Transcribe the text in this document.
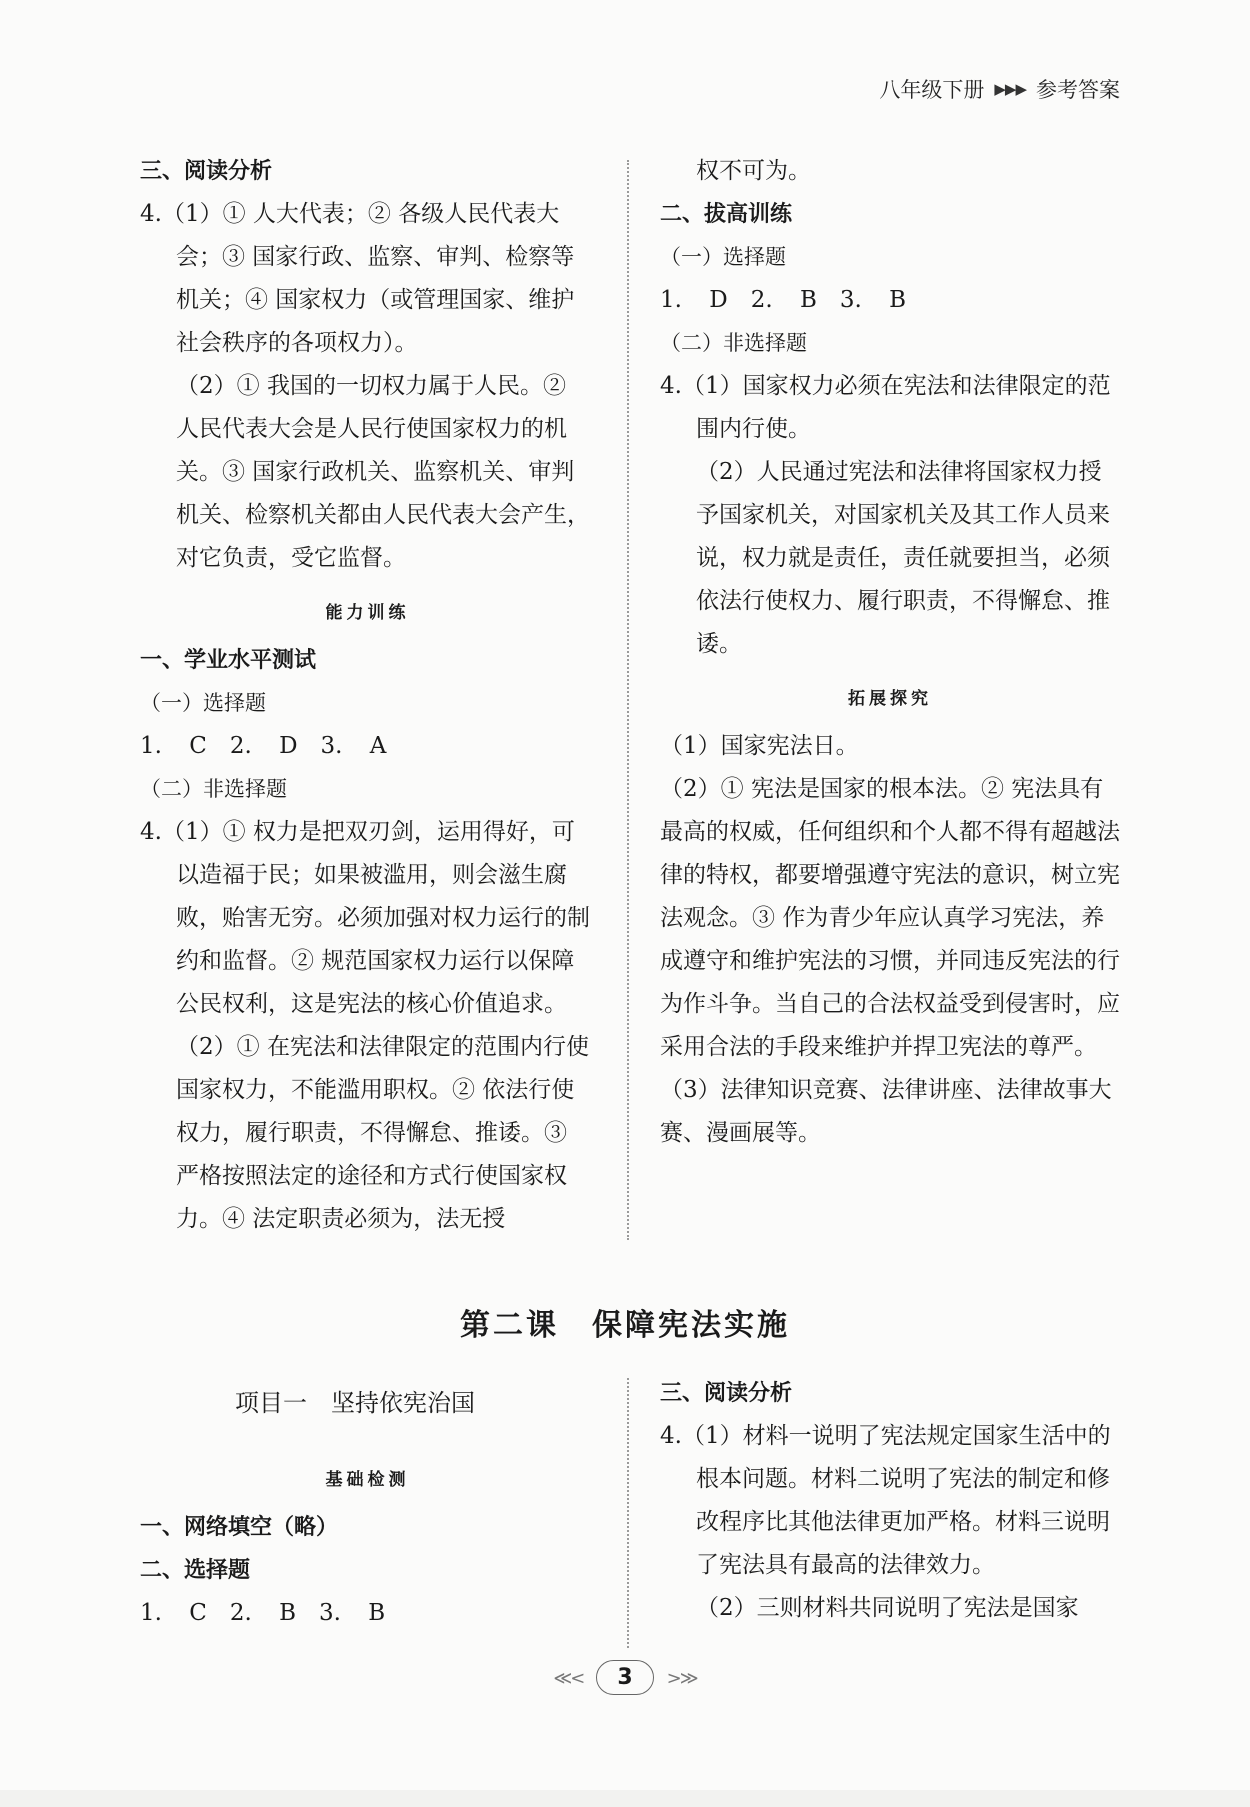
八年级下册 ▶▶▶ 参考答案

三、阅读分析

4.（1）① 人大代表；② 各级人民代表大会；③ 国家行政、监察、审判、检察等机关；④ 国家权力（或管理国家、维护社会秩序的各项权力）。

（2）① 我国的一切权力属于人民。② 人民代表大会是人民行使国家权力的机关。③ 国家行政机关、监察机关、审判机关、检察机关都由人民代表大会产生，对它负责，受它监督。

能力训练

一、学业水平测试

（一）选择题

1. C　2. D　3. A

（二）非选择题

4.（1）① 权力是把双刃剑，运用得好，可以造福于民；如果被滥用，则会滋生腐败，贻害无穷。必须加强对权力运行的制约和监督。② 规范国家权力运行以保障公民权利，这是宪法的核心价值追求。

（2）① 在宪法和法律限定的范围内行使国家权力，不能滥用职权。② 依法行使权力，履行职责，不得懈怠、推诿。③ 严格按照法定的途径和方式行使国家权力。④ 法定职责必须为，法无授

权不可为。

二、拔高训练

（一）选择题

1. D　2. B　3. B

（二）非选择题

4.（1）国家权力必须在宪法和法律限定的范围内行使。

（2）人民通过宪法和法律将国家权力授予国家机关，对国家机关及其工作人员来说，权力就是责任，责任就要担当，必须依法行使权力、履行职责，不得懈怠、推诿。

拓展探究

（1）国家宪法日。

（2）① 宪法是国家的根本法。② 宪法具有最高的权威，任何组织和个人都不得有超越法律的特权，都要增强遵守宪法的意识，树立宪法观念。③ 作为青少年应认真学习宪法，养成遵守和维护宪法的习惯，并同违反宪法的行为作斗争。当自己的合法权益受到侵害时，应采用合法的手段来维护并捍卫宪法的尊严。

（3）法律知识竞赛、法律讲座、法律故事大赛、漫画展等。

第二课　保障宪法实施

项目一　坚持依宪治国

基础检测

一、网络填空（略）

二、选择题

1. C　2. B　3. B

三、阅读分析

4.（1）材料一说明了宪法规定国家生活中的根本问题。材料二说明了宪法的制定和修改程序比其他法律更加严格。材料三说明了宪法具有最高的法律效力。

（2）三则材料共同说明了宪法是国家

≪< 3 >≫
